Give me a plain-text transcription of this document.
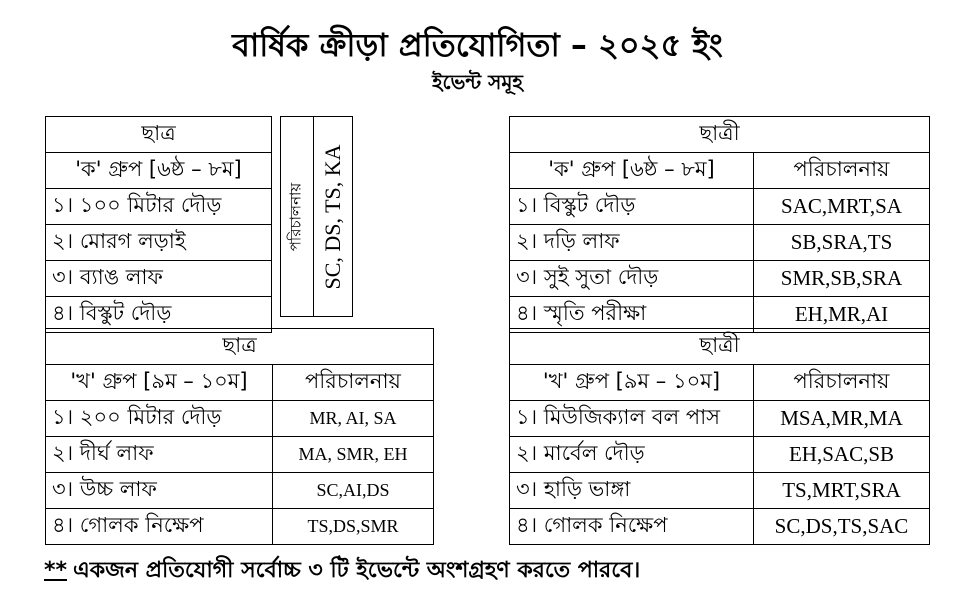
বার্ষিক ক্রীড়া প্রতিযোগিতা – ২০২৫ ইং
ইভেন্ট সমূহ
ছাত্র
'ক' গ্রুপ [৬ষ্ঠ – ৮ম]
১। ১০০ মিটার দৌড়
২। মোরগ লড়াই
৩। ব্যাঙ লাফ
৪। বিস্কুট দৌড়
পরিচালনায় SC, DS, TS, KA
ছাত্রী	
'ক' গ্রুপ [৬ষ্ঠ – ৮ম]	পরিচালনায়
১। বিস্কুট দৌড়	SAC,MRT,SA
২। দড়ি লাফ	SB,SRA,TS
৩। সুই সুতা দৌড়	SMR,SB,SRA
৪। স্মৃতি পরীক্ষা	EH,MR,AI
ছাত্র	
'খ' গ্রুপ [৯ম – ১০ম]	পরিচালনায়
১। ২০০ মিটার দৌড়	MR, AI, SA
২। দীর্ঘ লাফ	MA, SMR, EH
৩। উচ্চ লাফ	SC,AI,DS
৪। গোলক নিক্ষেপ	TS,DS,SMR
ছাত্রী	
'খ' গ্রুপ [৯ম – ১০ম]	পরিচালনায়
১। মিউজিক্যাল বল পাস	MSA,MR,MA
২। মার্বেল দৌড়	EH,SAC,SB
৩। হাড়ি ভাঙ্গা	TS,MRT,SRA
৪। গোলক নিক্ষেপ	SC,DS,TS,SAC
** একজন প্রতিযোগী সর্বোচ্চ ৩ টি ইভেন্টে অংশগ্রহণ করতে পারবে।
